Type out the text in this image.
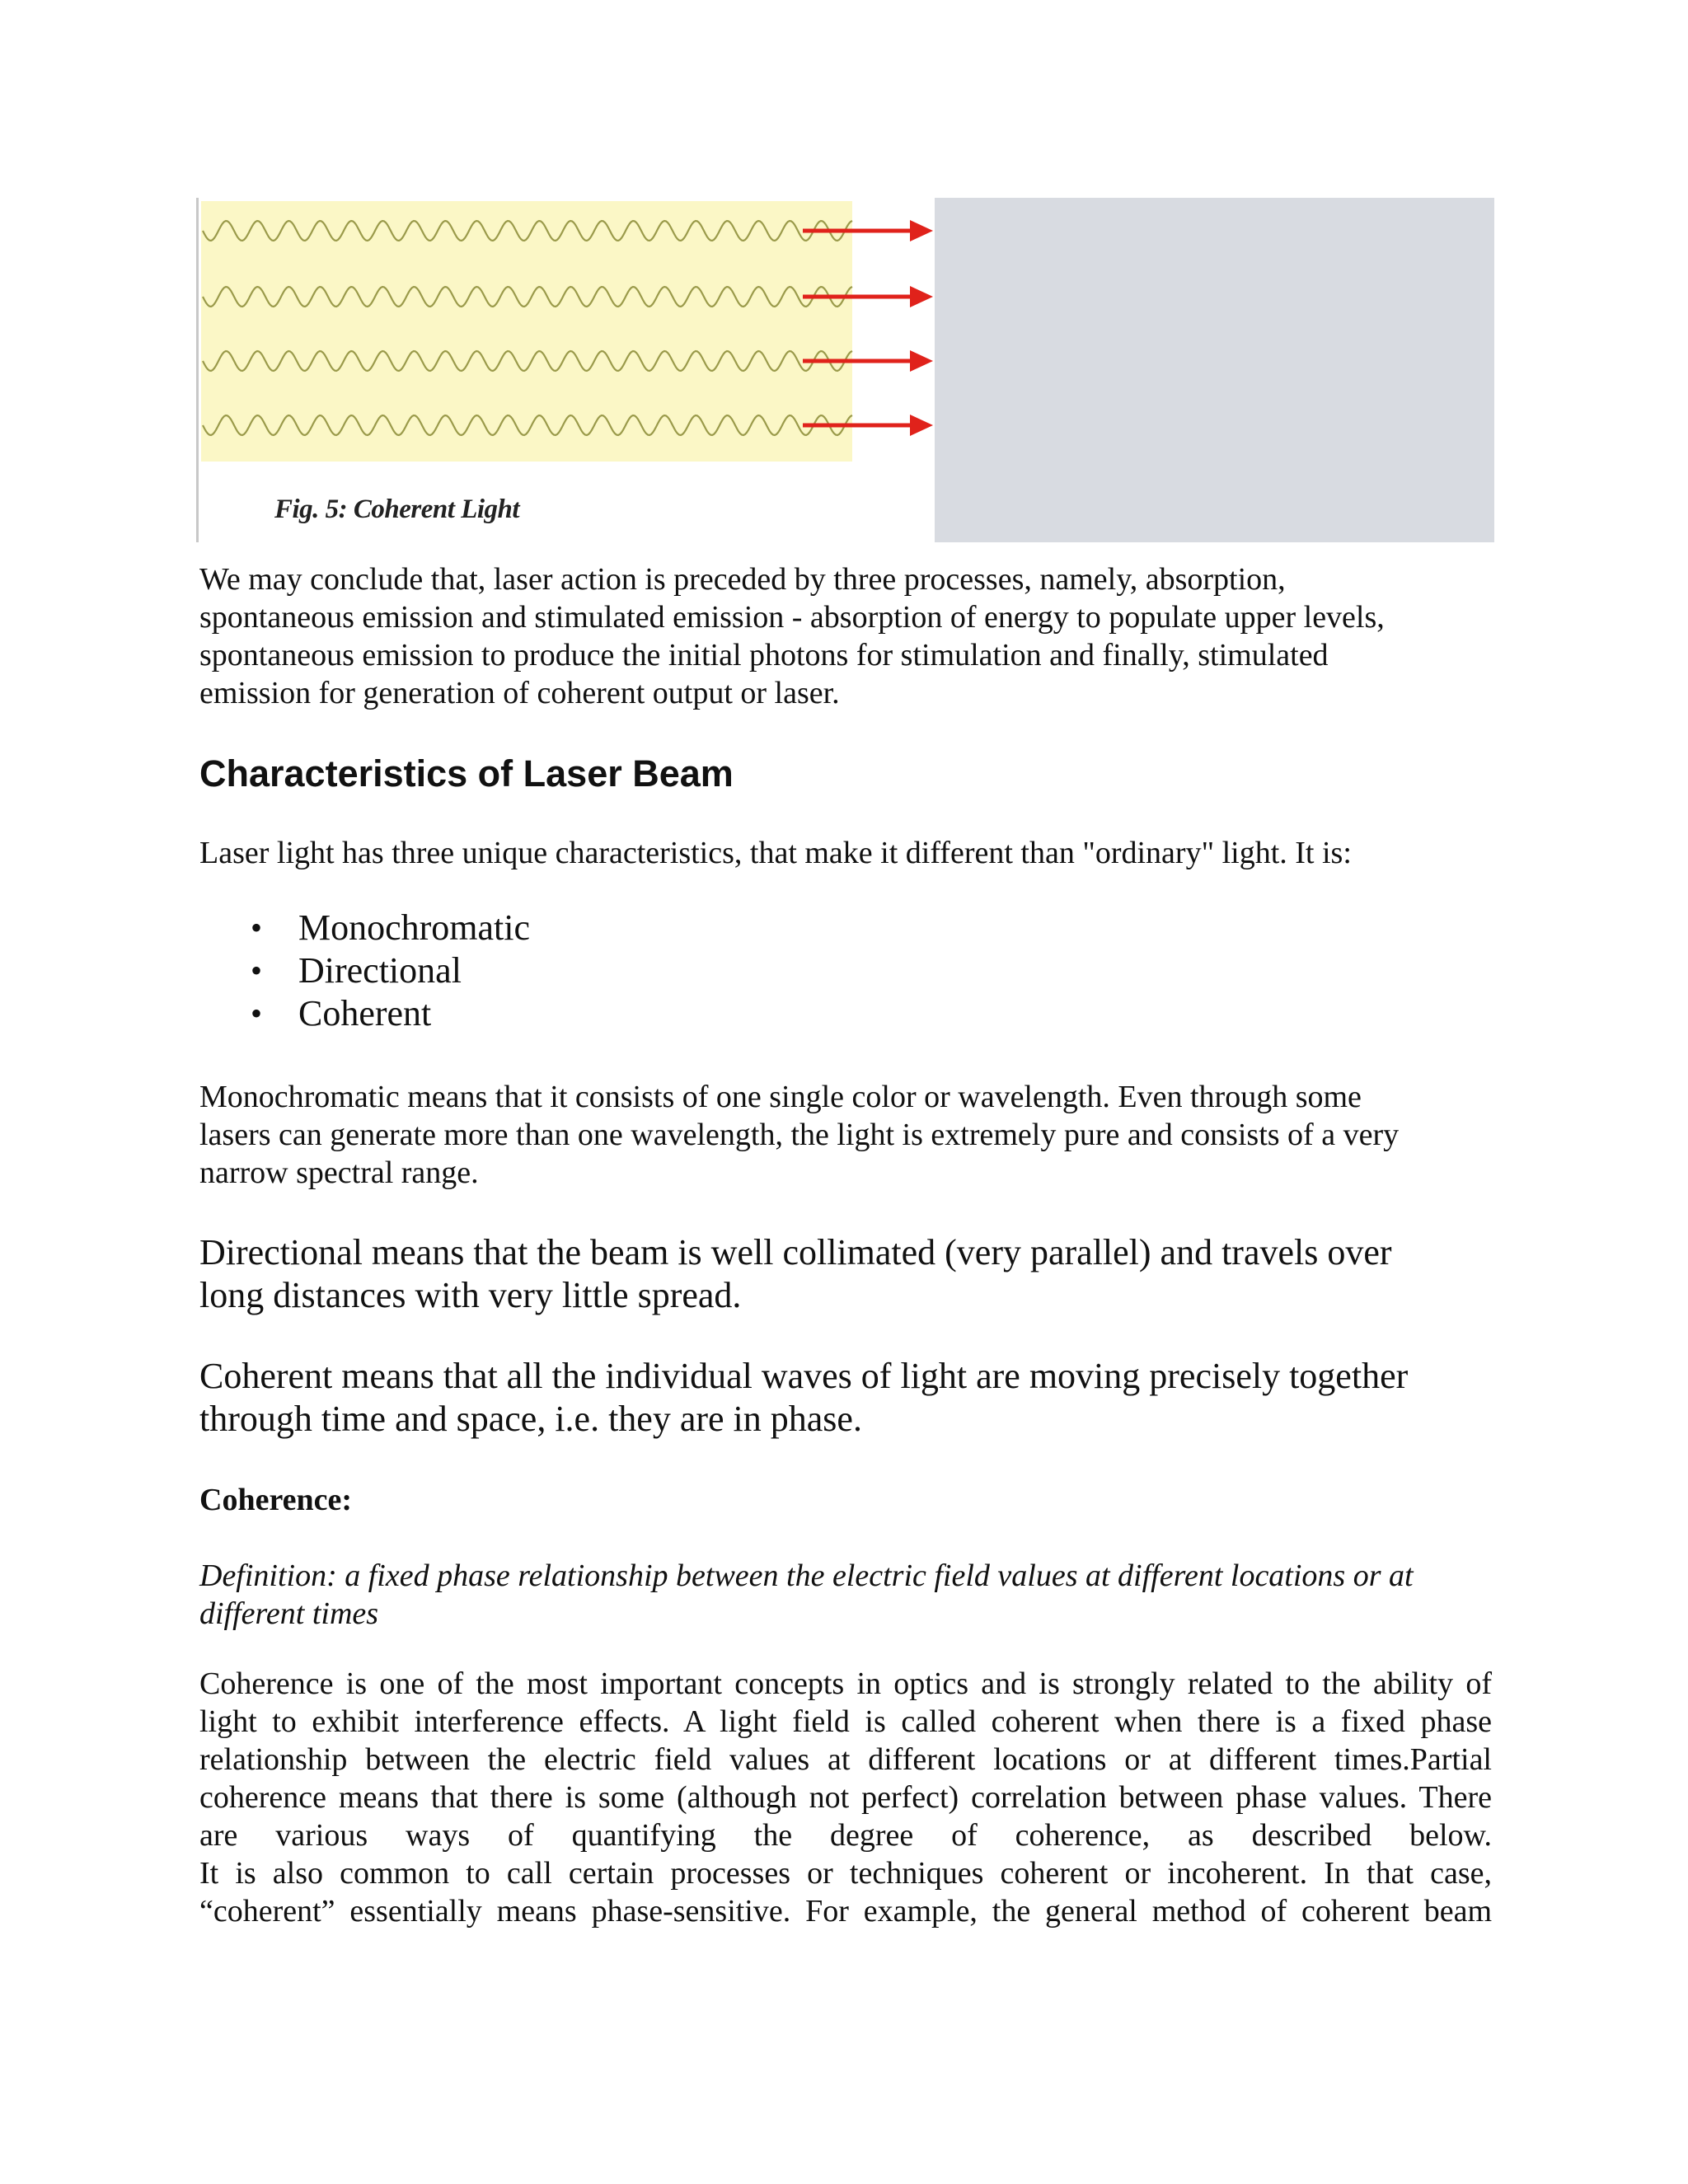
Fig. 5: Coherent Light

We may conclude that, laser action is preceded by three processes, namely, absorption,
spontaneous emission and stimulated emission - absorption of energy to populate upper levels,
spontaneous emission to produce the initial photons for stimulation and finally, stimulated
emission for generation of coherent output or laser.

Characteristics of Laser Beam

Laser light has three unique characteristics, that make it different than "ordinary" light. It is:

• Monochromatic
• Directional
• Coherent

Monochromatic means that it consists of one single color or wavelength. Even through some
lasers can generate more than one wavelength, the light is extremely pure and consists of a very
narrow spectral range.

Directional means that the beam is well collimated (very parallel) and travels over
long distances with very little spread.

Coherent means that all the individual waves of light are moving precisely together
through time and space, i.e. they are in phase.

Coherence:

Definition: a fixed phase relationship between the electric field values at different locations or at
different times

Coherence is one of the most important concepts in optics and is strongly related to the ability of
light to exhibit interference effects. A light field is called coherent when there is a fixed phase
relationship between the electric field values at different locations or at different times.Partial
coherence means that there is some (although not perfect) correlation between phase values. There
are various ways of quantifying the degree of coherence, as described below.
It is also common to call certain processes or techniques coherent or incoherent. In that case,
“coherent” essentially means phase-sensitive. For example, the general method of coherent beam
